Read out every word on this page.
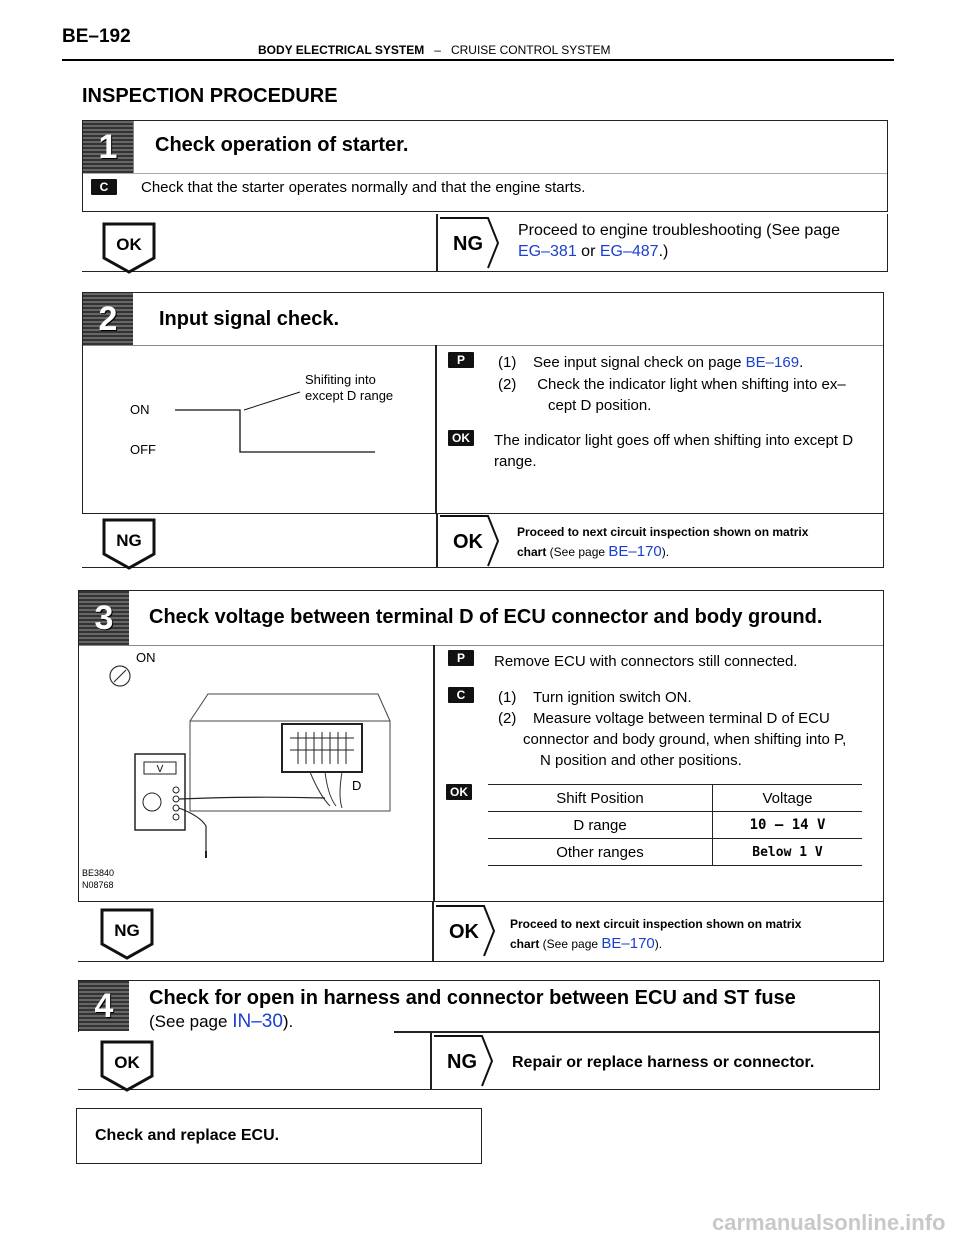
BE–192
BODY ELECTRICAL SYSTEM – CRUISE CONTROL SYSTEM
INSPECTION PROCEDURE
1	Check operation of starter.
C	Check that the starter operates normally and that the engine starts.
OK	NG
Proceed to engine troubleshooting (See page
EG–381 or EG–487.)
2	Input signal check.
ON
OFF
Shifiting into
except D range
P	(1) See input signal check on page BE–169.
(2) Check the indicator light when shifting into ex–
cept D position.
OK The indicator light goes off when shifting into except D
range.
NG	OK	Proceed to next circuit inspection shown on matrix
chart (See page BE–170).
3	Check voltage between terminal D of ECU connector and body ground.
ON
D
V
BE3840
N08768
P	Remove ECU with connectors still connected.
C	(1) Turn ignition switch ON.
(2) Measure voltage between terminal D of ECU
connector and body ground, when shifting into P,
N position and other positions.
OK	Shift Position	Voltage
D range	10 – 14 V
Other ranges	Below 1 V
NG	OK	Proceed to next circuit inspection shown on matrix
chart (See page BE–170).
4	Check for open in harness and connector between ECU and ST fuse
(See page IN–30).
OK	NG Repair or replace harness or connector.
Check and replace ECU.
carmanualsonline.info
